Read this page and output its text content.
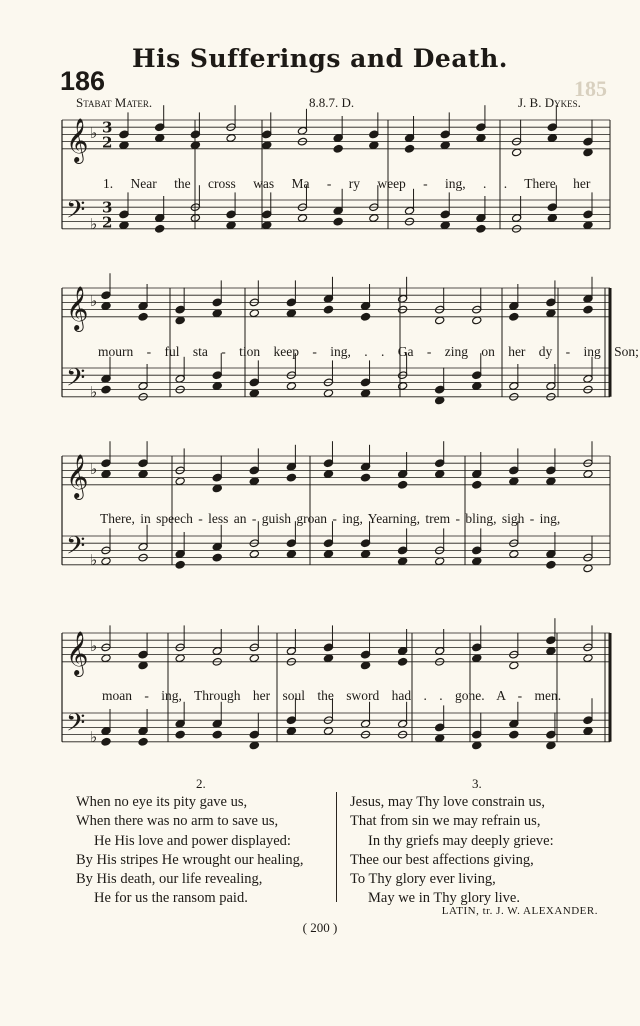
185
His Sufferings and Death.
186
Stabat Mater.	8.8.7. D.	J. B. Dykes.
𝄞 ♭ 3
2
𝄢 ♭
3
2
𝄞 ♭
𝄢 ♭
𝄞 ♭
𝄢 ♭
𝄞 ♭
𝄢 ♭
1. Near the cross was Ma - ry weep - ing, . . There her
mourn - ful sta - tion keep - ing, . . Ga - zing on her dy - ing Son;
There, in speech - less an - guish groan - ing, Yearning, trem - bling, sigh - ing,
moan - ing, Through her soul the sword had . . gone. A - men.
2.	3.
When no eye its pity gave us,
When there was no arm to save us,
He His love and power displayed:
By His stripes He wrought our healing,
By His death, our life revealing,
He for us the ransom paid.
Jesus, may Thy love constrain us,
That from sin we may refrain us,
In thy griefs may deeply grieve:
Thee our best affections giving,
To Thy glory ever living,
May we in Thy glory live.
LATIN, tr. J. W. ALEXANDER.
( 200 )
